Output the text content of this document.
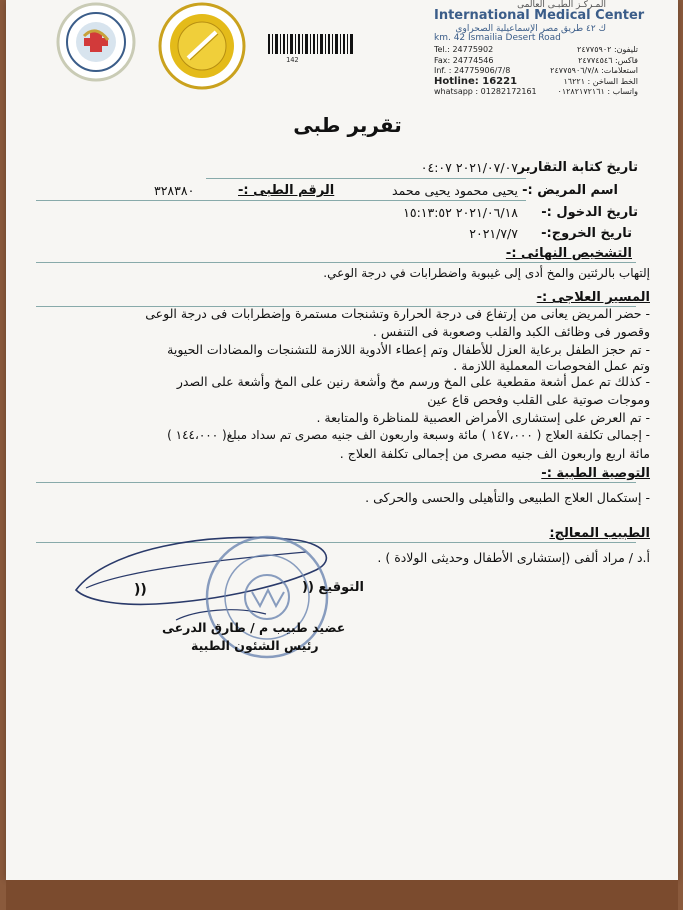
142
المـركـز الطبـى العالمى
International Medical Center
ك ٤٢ طريق مصر الإسماعيلية الصحراوى
km. 42 Ismailia Desert Road
Tel.: 24775902
Fax: 24774546
Inf. : 24775906/7/8
Hotline: 16221
whatsapp : 01282172161
تليفون: ٢٤٧٧٥٩٠٢
فاكس: ٢٤٧٧٤٥٤٦
استعلامات: ٢٤٧٧٥٩٠٦/٧/٨
الخط الساخن : ١٦٢٢١
واتساب : ٠١٢٨٢١٧٢١٦١
تقرير طبى
تاريخ كتابة التقارير
٢٠٢١/٠٧/٠٧ ٠٤:٠٧
اسم المريض :-
يحيى محمود يحيى محمد
الرقم الطبى :-
٣٢٨٣٨٠
تاريخ الدخول :-
٢٠٢١/٠٦/١٨ ١٥:١٣:٥٢
تاريخ الخروج:-
٢٠٢١/٧/٧
التشخيص النهائى :-
إلتهاب بالرئتين والمخ أدى إلى غيبوبة واضطرابات في درجة الوعي.
المسير العلاجى :-
- حضر المريض يعانى من إرتفاع فى درجة الحرارة وتشنجات مستمرة وإضطرابات فى درجة الوعى
وقصور فى وظائف الكبد والقلب وصعوبة فى التنفس .
- تم حجز الطفل برعاية العزل للأطفال وتم إعطاء الأدوية اللازمة للتشنجات والمضادات الحيوية
وتم عمل الفحوصات المعملية اللازمة .
- كذلك تم عمل أشعة مقطعية على المخ ورسم مخ وأشعة رنين على المخ وأشعة على الصدر
وموجات صوتية على القلب وفحص قاع عين
- تم العرض على إستشارى الأمراض العصبية للمناظرة والمتابعة .
- إجمالى تكلفة العلاج ( ١٤٧،٠٠٠ ) مائة وسبعة واربعون الف جنيه مصرى تم سداد مبلغ( ١٤٤،٠٠٠ )
مائة اربع واربعون الف جنيه مصرى من إجمالى تكلفة العلاج .
التوصية الطبية :-
- إستكمال العلاج الطبيعى والتأهيلى والحسى والحركى .
الطبيب المعالج:
أ.د / مراد ألفى (إستشارى الأطفال وحديثى الولادة ) .
التوقيع ((
))
عضيد طبيب م / طارق الدرعى
رئيس الشئون الطبية
